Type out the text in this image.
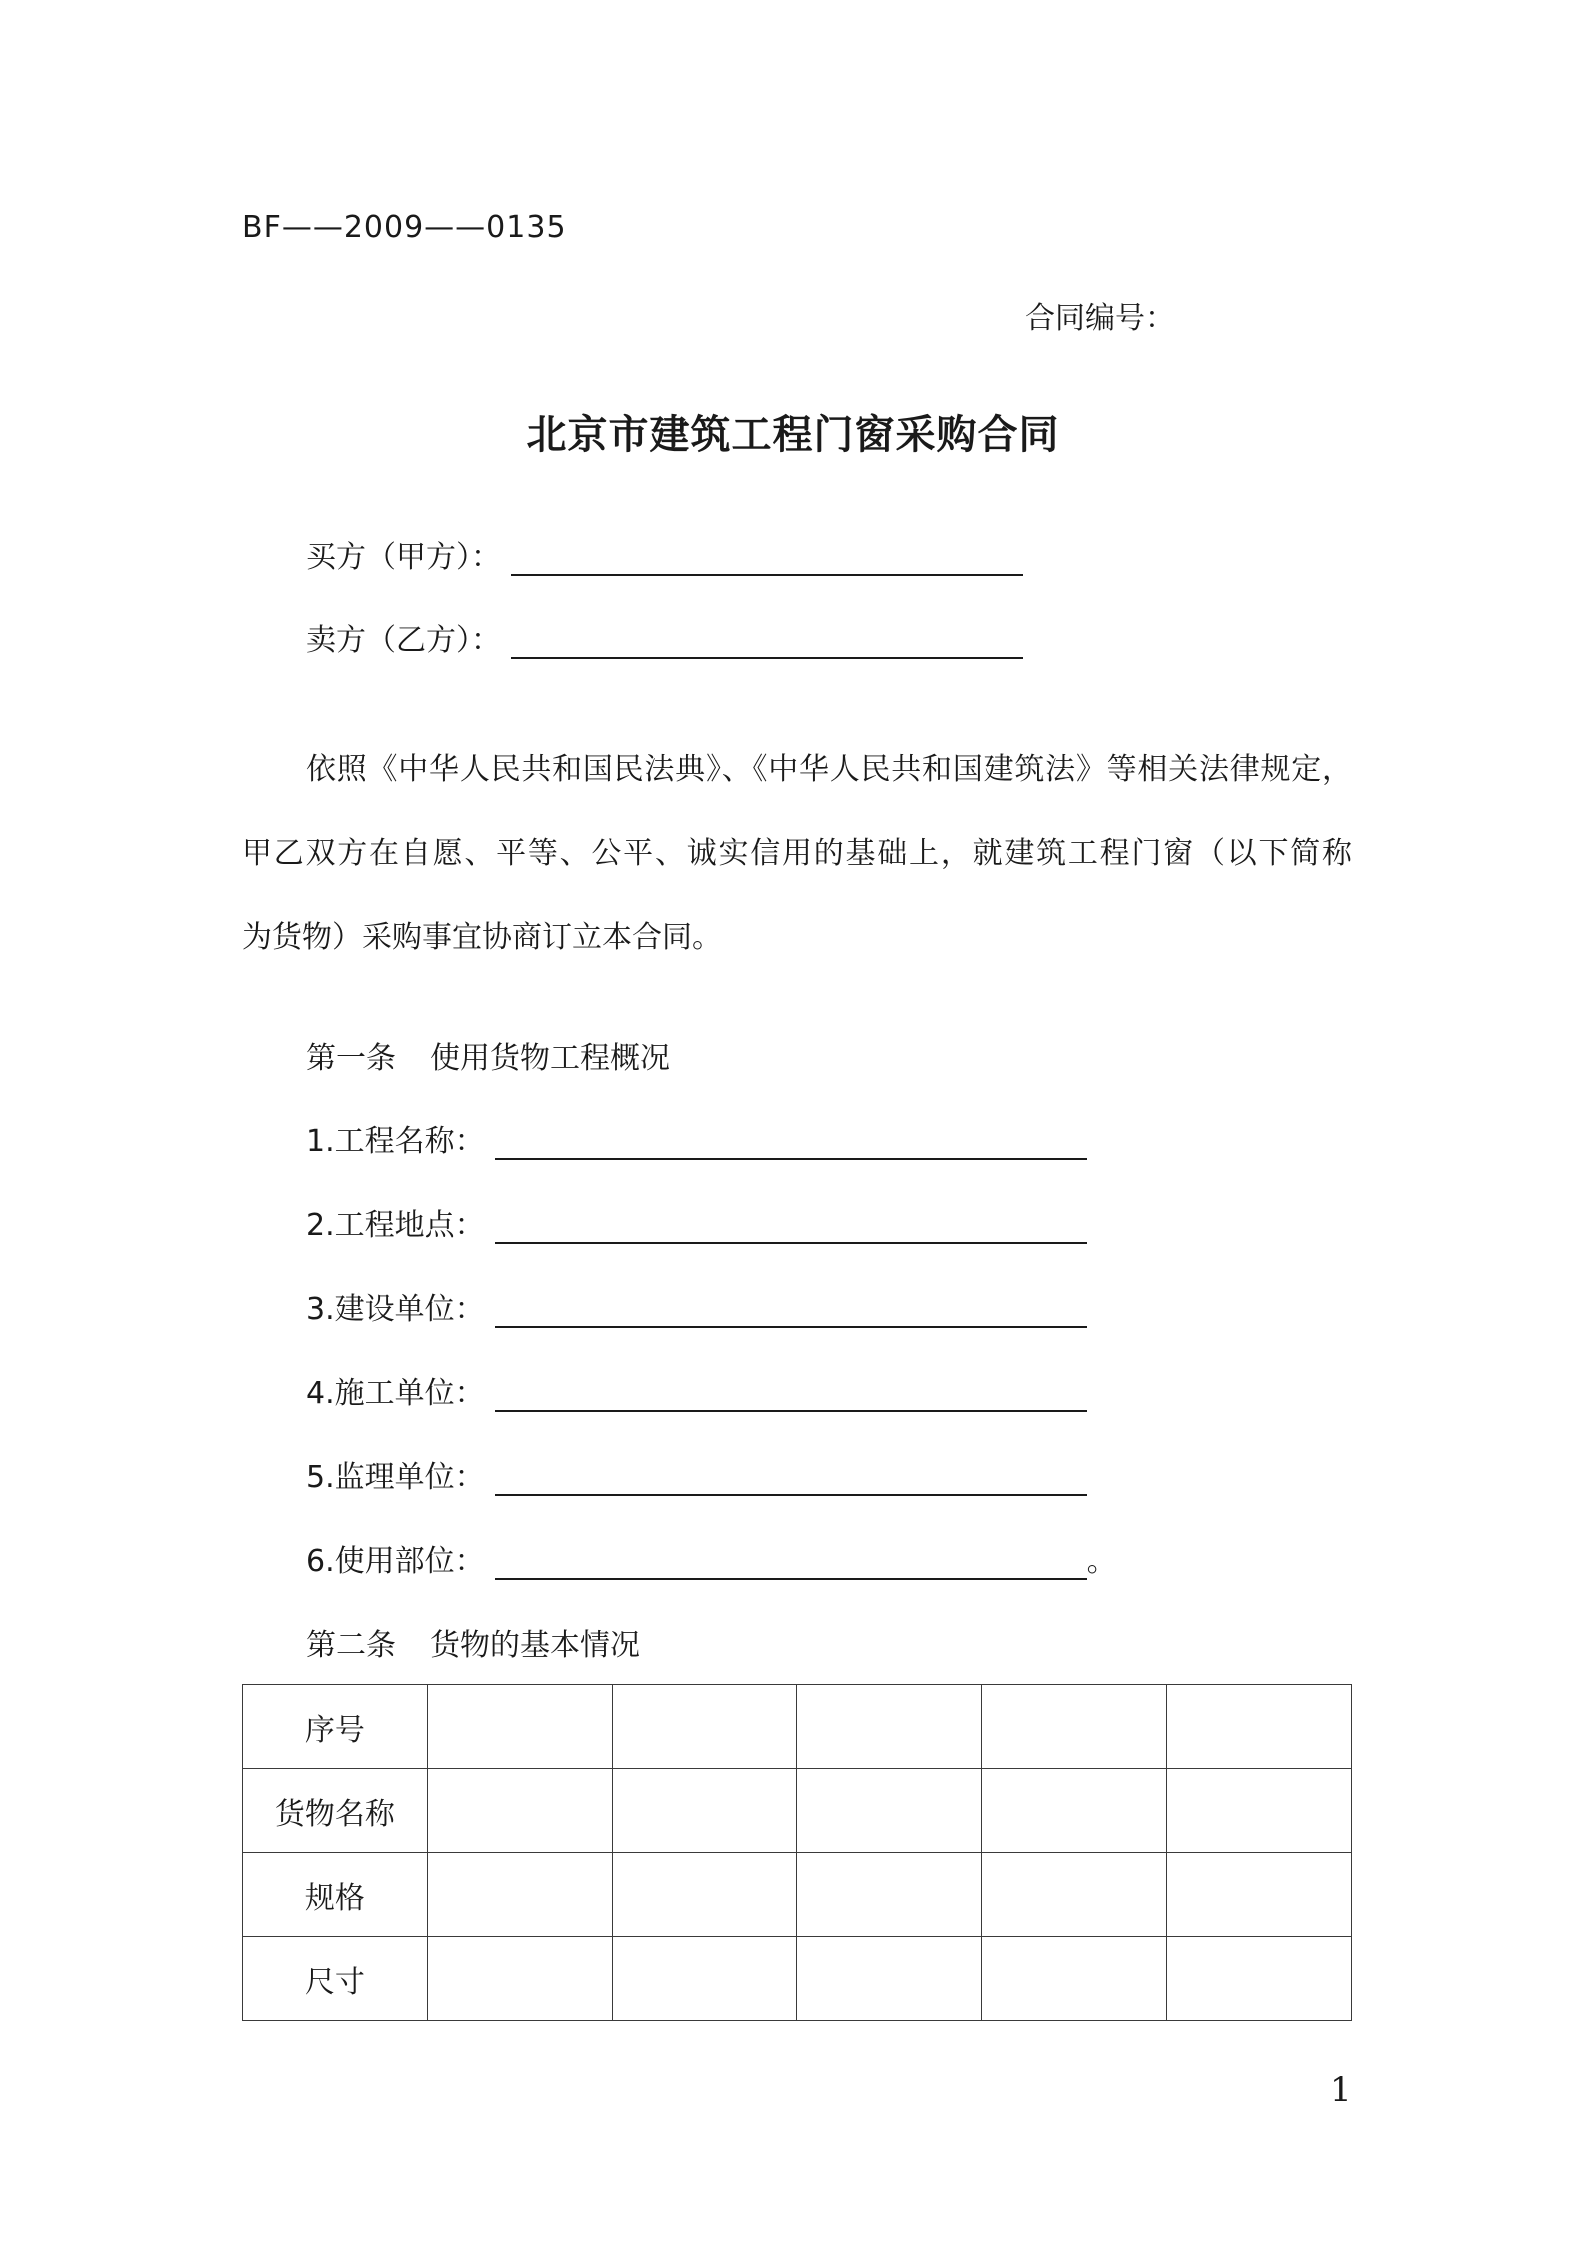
BF——2009——0135
合同编号：
北京市建筑工程门窗采购合同
买方（甲方）：
卖方（乙方）：
依照《中华人民共和国民法典》、《中华人民共和国建筑法》等相关法律规定，
甲乙双方在自愿、平等、公平、诚实信用的基础上，就建筑工程门窗（以下简称
为货物）采购事宜协商订立本合同。
第一条 使用货物工程概况
1.工程名称：
2.工程地点：
3.建设单位：
4.施工单位：
5.监理单位：
6.使用部位：	。
第二条 货物的基本情况
序号					
货物名称					
规格					
尺寸					
1
